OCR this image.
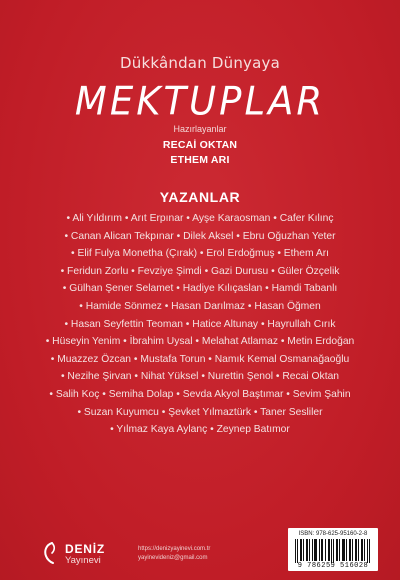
Dükkândan Dünyaya
MEKTUPLAR
Hazırlayanlar
RECAİ OKTAN
ETHEM ARI
YAZANLAR
• Ali Yıldırım • Arıt Erpınar • Ayşe Karaosman • Cafer Kılınç
• Canan Alican Tekpınar • Dilek Aksel • Ebru Oğuzhan Yeter
• Elif Fulya Monetha (Çırak) • Erol Erdoğmuş • Ethem Arı
• Feridun Zorlu • Fevziye Şimdi • Gazi Durusu • Güler Özçelik
• Gülhan Şener Selamet • Hadiye Kılıçaslan • Hamdi Tabanlı
• Hamide Sönmez • Hasan Darılmaz • Hasan Öğmen
• Hasan Seyfettin Teoman • Hatice Altunay • Hayrullah Cırık
• Hüseyin Yenim • İbrahim Uysal • Melahat Atlamaz • Metin Erdoğan
• Muazzez Özcan • Mustafa Torun • Namık Kemal Osmanağaoğlu
• Nezihe Şirvan • Nihat Yüksel • Nurettin Şenol • Recai Oktan
• Salih Koç • Semiha Dolap • Sevda Akyol Baştımar • Sevim Şahin
• Suzan Kuyumcu • Şevket Yılmaztürk • Taner Sesliler
• Yılmaz Kaya Aylanç • Zeynep Batımor
DENİZ
Yayınevi
https://denizyayinevi.com.tr
yayinevideniz@gmail.com
ISBN: 978-625-95160-2-8
9 786259 516028
